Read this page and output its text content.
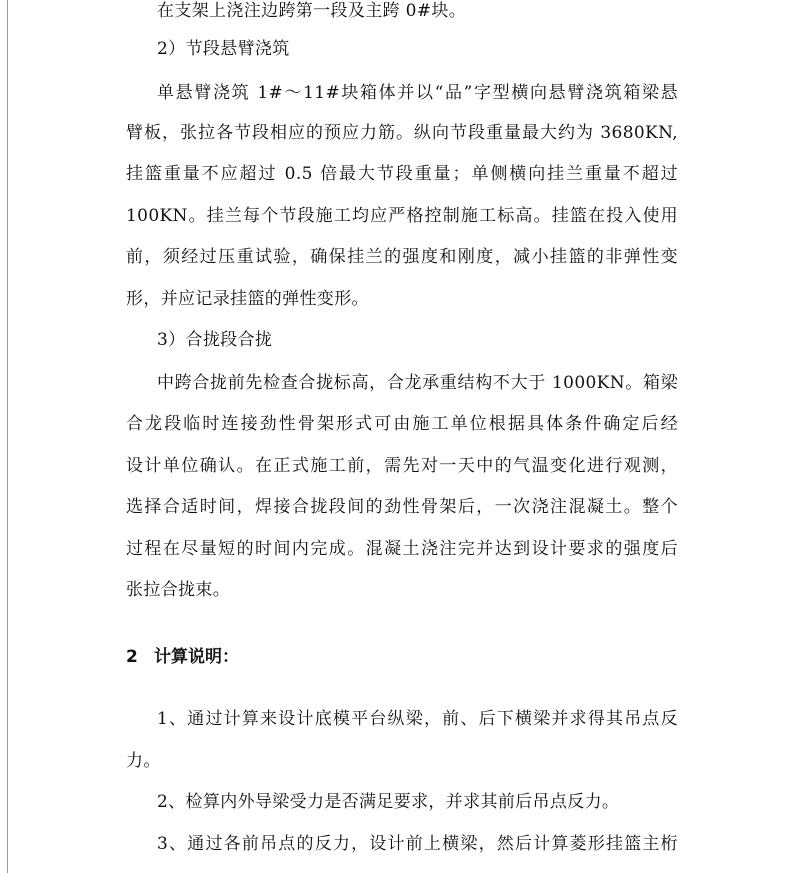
在支架上浇注边跨第一段及主跨 0#块。
2）节段悬臂浇筑
单悬臂浇筑 1#～11#块箱体并以“品”字型横向悬臂浇筑箱梁悬
臂板，张拉各节段相应的预应力筋。纵向节段重量最大约为 3680KN,
挂篮重量不应超过 0.5 倍最大节段重量；单侧横向挂兰重量不超过
100KN。挂兰每个节段施工均应严格控制施工标高。挂篮在投入使用
前，须经过压重试验，确保挂兰的强度和刚度，减小挂篮的非弹性变
形，并应记录挂篮的弹性变形。
3）合拢段合拢
中跨合拢前先检查合拢标高，合龙承重结构不大于 1000KN。箱梁
合龙段临时连接劲性骨架形式可由施工单位根据具体条件确定后经
设计单位确认。在正式施工前，需先对一天中的气温变化进行观测，
选择合适时间，焊接合拢段间的劲性骨架后，一次浇注混凝土。整个
过程在尽量短的时间内完成。混凝土浇注完并达到设计要求的强度后
张拉合拢束。
2 计算说明：
1、通过计算来设计底模平台纵梁，前、后下横梁并求得其吊点反
力。
2、检算内外导梁受力是否满足要求，并求其前后吊点反力。
3、通过各前吊点的反力，设计前上横梁，然后计算菱形挂篮主桁
